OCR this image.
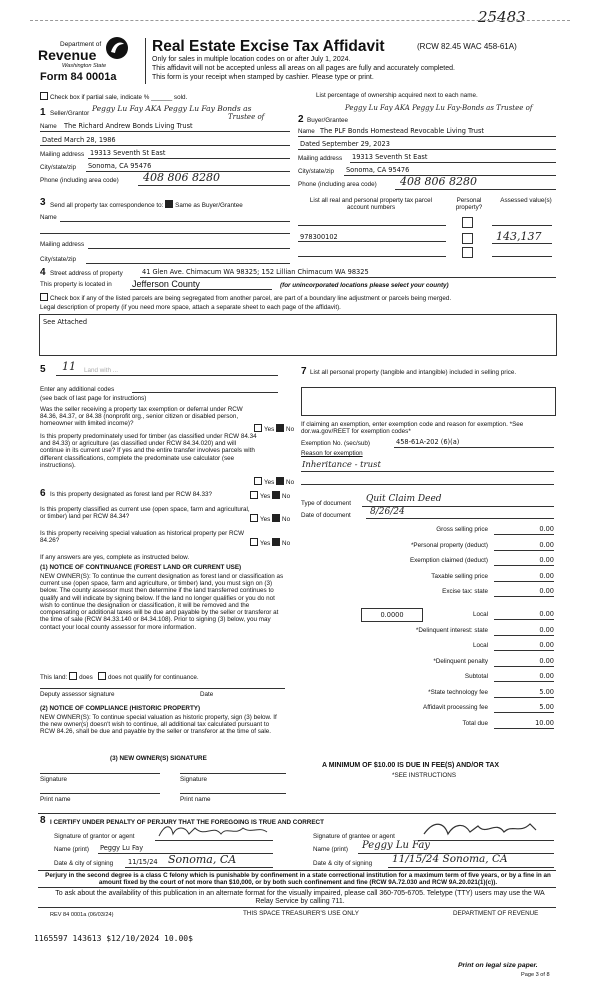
25483
Department of
Revenue
Washington State
Form 84 0001a
Real Estate Excise Tax Affidavit	(RCW 82.45 WAC 458-61A)
Only for sales in multiple location codes on or after July 1, 2024.
This affidavit will not be accepted unless all areas on all pages are fully and accurately completed.
This form is your receipt when stamped by cashier. Please type or print.
Check box if partial sale, indicate % ______ sold.	List percentage of ownership acquired next to each name.
1 Seller/Grantor
Peggy Lu Fay AKA Peggy Lu Fay Bonds as
Trustee of
Name The Richard Andrew Bonds Living Trust
Dated March 28, 1986
Mailing address 19313 Seventh St East
City/state/zip Sonoma, CA 95476
Phone (including area code) 408 806 8280
2 Buyer/Grantee
Peggy Lu Fay AKA Peggy Lu Fay-Bonds as Trustee of
Name The PLF Bonds Homestead Revocable Living Trust
Dated September 29, 2023
Mailing address 19313 Seventh St East
City/state/zip Sonoma, CA 95476
Phone (including area code) 408 806 8280
3 Send all property tax correspondence to: Same as Buyer/Grantee
Name
Mailing address
City/state/zip
List all real and personal property tax parcel account numbers
Personal property?
Assessed value(s)
978300102	143,137
4 Street address of property	41 Glen Ave. Chimacum WA 98325; 152 Lillian Chimacum WA 98325
This property is located in Jefferson County	(for unincorporated locations please select your county)
Check box if any of the listed parcels are being segregated from another parcel, are part of a boundary line adjustment or parcels being merged.
Legal description of property (if you need more space, attach a separate sheet to each page of the affidavit).
See Attached
5 11 Land with ...
Enter any additional codes
(see back of last page for instructions)
Was the seller receiving a property tax exemption or deferral under RCW 84.36, 84.37, or 84.38 (nonprofit org., senior citizen or disabled person, homeowner with limited income)?
Yes No
Is this property predominately used for timber (as classified under RCW 84.34 and 84.33) or agriculture (as classified under RCW 84.34.020) and will continue in its current use? If yes and the entire transfer involves parcels with different classifications, complete the predominate use calculator (see instructions).
Yes No
6 Is this property designated as forest land per RCW 84.33?	Yes No
Is this property classified as current use (open space, farm and agricultural, or timber) land per RCW 84.34?	Yes No
Is this property receiving special valuation as historical property per RCW 84.26?	Yes No
If any answers are yes, complete as instructed below.
(1) NOTICE OF CONTINUANCE (FOREST LAND OR CURRENT USE)
NEW OWNER(S): To continue the current designation as forest land or classification as current use (open space, farm and agriculture, or timber) land, you must sign on (3) below. The county assessor must then determine if the land transferred continues to qualify and will indicate by signing below. If the land no longer qualifies or you do not wish to continue the designation or classification, it will be removed and the compensating or additional taxes will be due and payable by the seller or transferor at the time of sale (RCW 84.33.140 or 84.34.108). Prior to signing (3) below, you may contact your local county assessor for more information.
This land: does does not qualify for continuance.
Deputy assessor signature	Date
(2) NOTICE OF COMPLIANCE (HISTORIC PROPERTY)
NEW OWNER(S): To continue special valuation as historic property, sign (3) below. If the new owner(s) doesn't wish to continue, all additional tax calculated pursuant to RCW 84.26, shall be due and payable by the seller or transferor at the time of sale.
(3) NEW OWNER(S) SIGNATURE
Signature	Signature
Print name	Print name
7 List all personal property (tangible and intangible) included in selling price.
If claiming an exemption, enter exemption code and reason for exemption. *See dor.wa.gov/REET for exemption codes*
Exemption No. (sec/sub)	458-61A-202 (6)(a)
Reason for exemption
Inheritance - trust
Type of document Quit Claim Deed
Date of document 8/26/24
Gross selling price	0.00
*Personal property (deduct)	0.00
Exemption claimed (deduct)	0.00
Taxable selling price	0.00
Excise tax: state	0.00
0.0000	Local	0.00
*Delinquent interest: state	0.00
Local	0.00
*Delinquent penalty	0.00
Subtotal	0.00
*State technology fee	5.00
Affidavit processing fee	5.00
Total due	10.00
A MINIMUM OF $10.00 IS DUE IN FEE(S) AND/OR TAX
*SEE INSTRUCTIONS
8 I CERTIFY UNDER PENALTY OF PERJURY THAT THE FOREGOING IS TRUE AND CORRECT
Signature of grantor or agent
Name (print) Peggy Lu Fay
Date & city of signing 11/15/24 Sonoma, CA
Signature of grantee or agent
Name (print) Peggy Lu Fay
Date & city of signing 11/15/24 Sonoma, CA
Perjury in the second degree is a class C felony which is punishable by confinement in a state correctional institution for a maximum term of five years, or by a fine in an amount fixed by the court of not more than $10,000, or by both such confinement and fine (RCW 9A.72.030 and RCW 9A.20.021(1)(c)).
To ask about the availability of this publication in an alternate format for the visually impaired, please call 360-705-6705. Teletype (TTY) users may use the WA Relay Service by calling 711.
REV 84 0001a (06/03/24)	THIS SPACE TREASURER'S USE ONLY	DEPARTMENT OF REVENUE
1165597 143613 $12/10/2024 10.00$
Print on legal size paper.
Page 3 of 8
